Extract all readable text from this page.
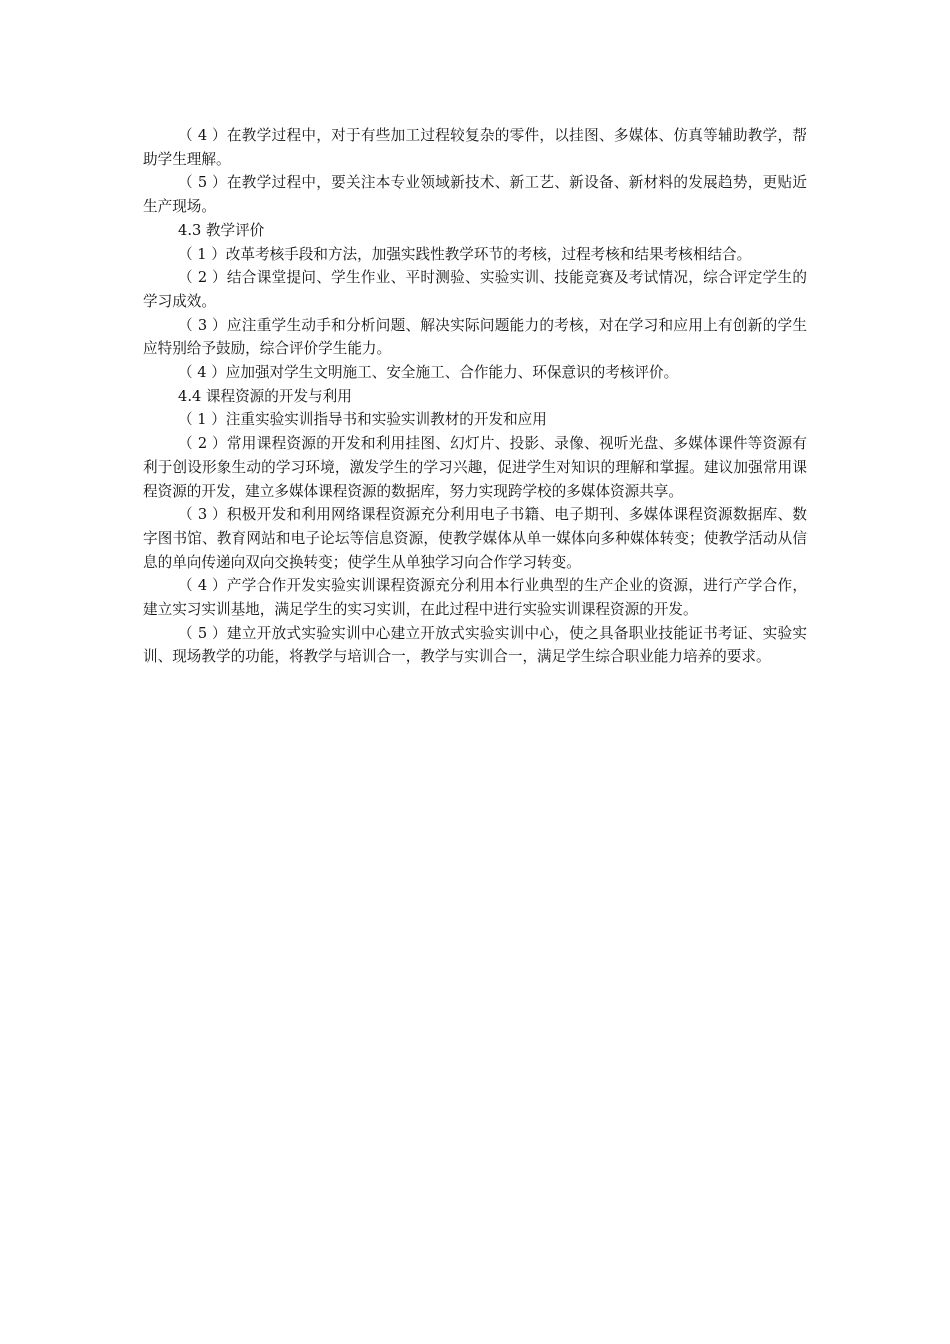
（ 4 ）在教学过程中，对于有些加工过程较复杂的零件，以挂图、多媒体、仿真等辅助教学，帮助学生理解。

（ 5 ）在教学过程中，要关注本专业领域新技术、新工艺、新设备、新材料的发展趋势，更贴近生产现场。

4.3 教学评价

（ 1 ）改革考核手段和方法，加强实践性教学环节的考核，过程考核和结果考核相结合。

（ 2 ）结合课堂提问、学生作业、平时测验、实验实训、技能竞赛及考试情况，综合评定学生的学习成效。

（ 3 ）应注重学生动手和分析问题、解决实际问题能力的考核，对在学习和应用上有创新的学生应特别给予鼓励，综合评价学生能力。

（ 4 ）应加强对学生文明施工、安全施工、合作能力、环保意识的考核评价。

4.4 课程资源的开发与利用

（ 1 ）注重实验实训指导书和实验实训教材的开发和应用

（ 2 ）常用课程资源的开发和利用挂图、幻灯片、投影、录像、视听光盘、多媒体课件等资源有利于创设形象生动的学习环境，激发学生的学习兴趣，促进学生对知识的理解和掌握。建议加强常用课程资源的开发，建立多媒体课程资源的数据库，努力实现跨学校的多媒体资源共享。

（ 3 ）积极开发和利用网络课程资源充分利用电子书籍、电子期刊、多媒体课程资源数据库、数字图书馆、教育网站和电子论坛等信息资源，使教学媒体从单一媒体向多种媒体转变；使教学活动从信息的单向传递向双向交换转变；使学生从单独学习向合作学习转变。

（ 4 ）产学合作开发实验实训课程资源充分利用本行业典型的生产企业的资源，进行产学合作，建立实习实训基地，满足学生的实习实训，在此过程中进行实验实训课程资源的开发。

（ 5 ）建立开放式实验实训中心建立开放式实验实训中心，使之具备职业技能证书考证、实验实训、现场教学的功能，将教学与培训合一，教学与实训合一，满足学生综合职业能力培养的要求。
